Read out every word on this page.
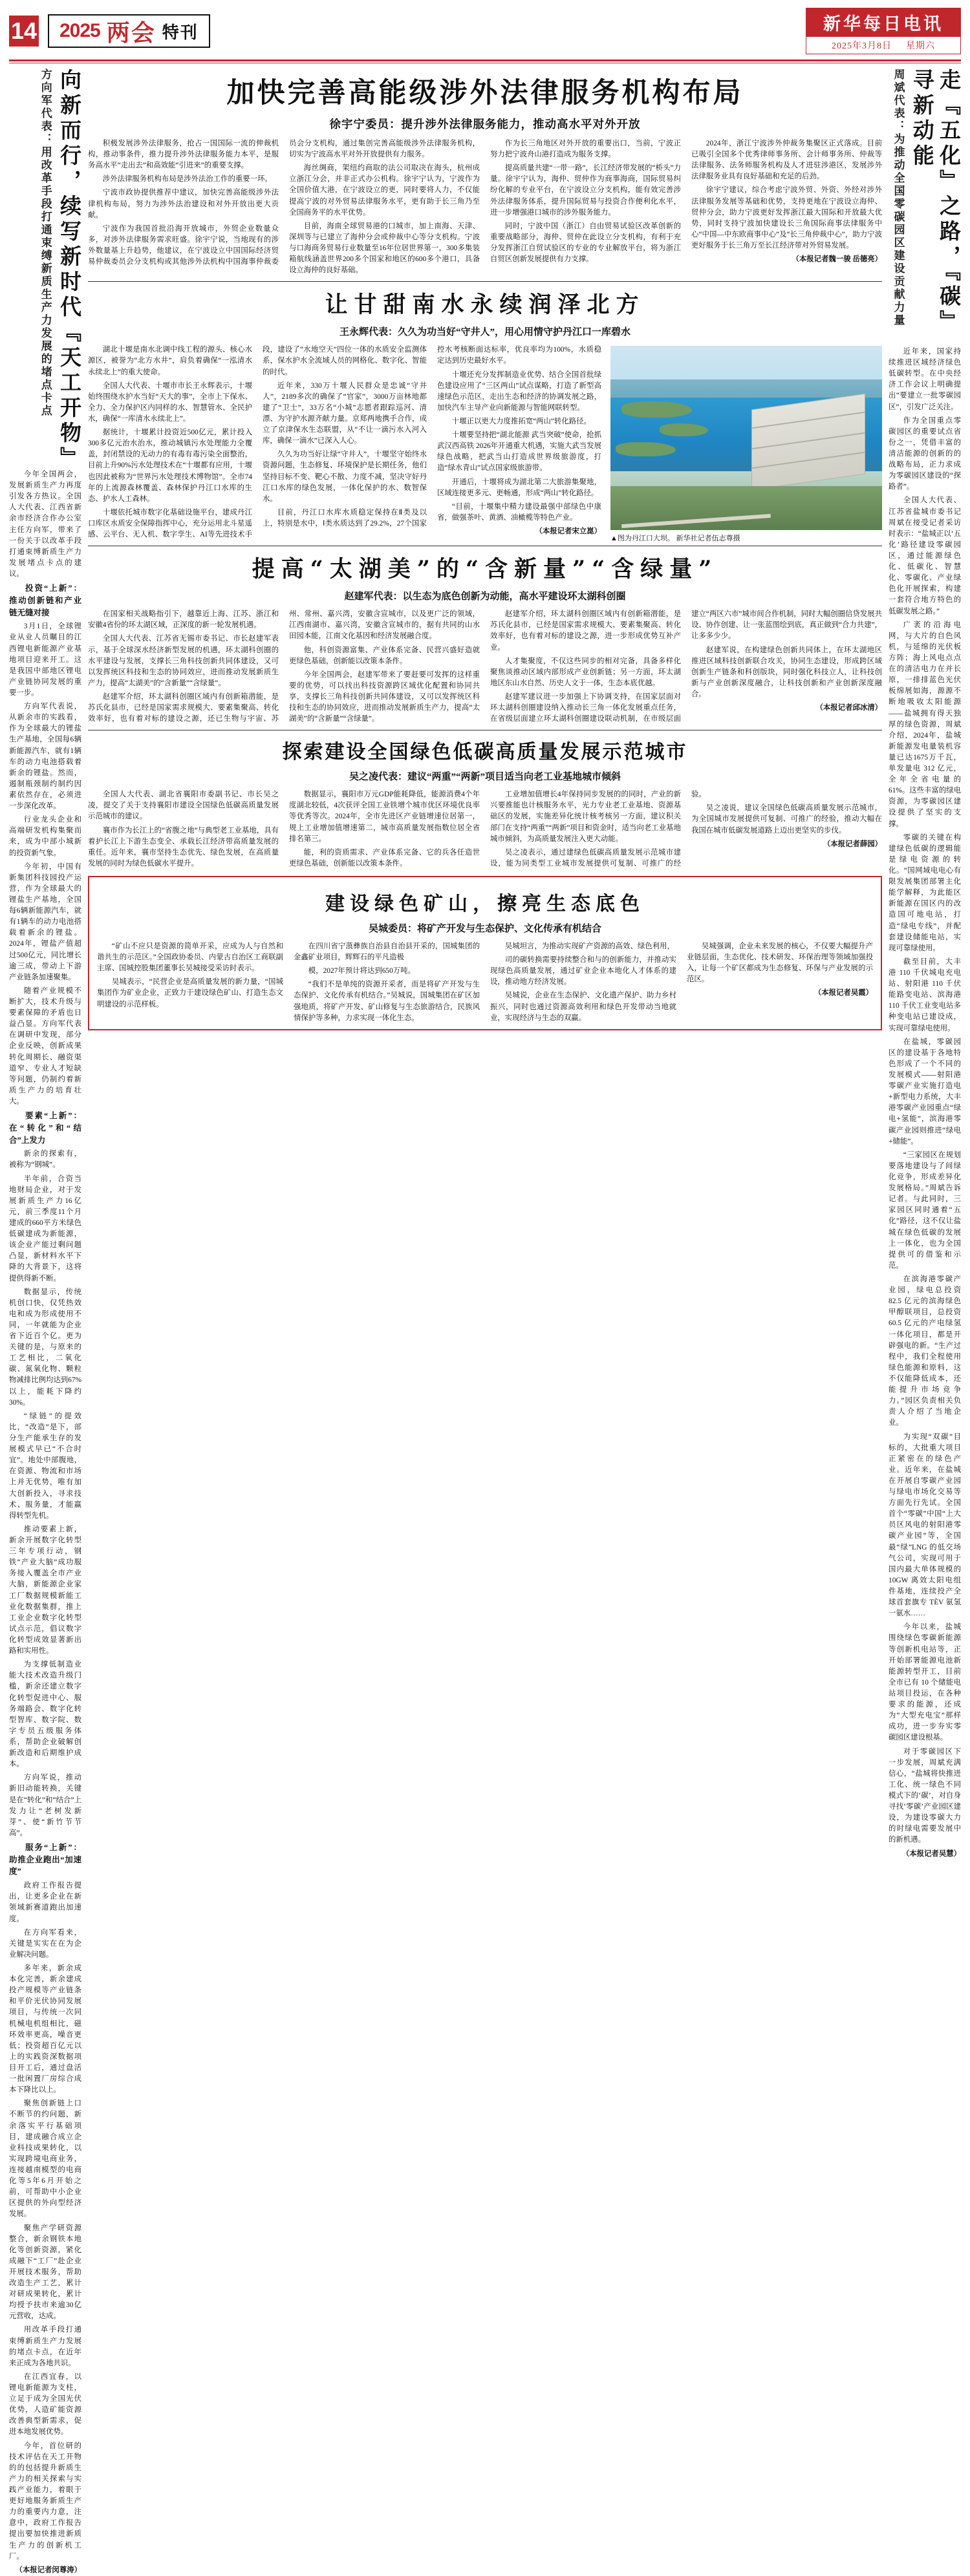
14 2025 两会 特刊	新华每日电讯
2025年3月8日 星期六
向新而行，续写新时代『天工开物』
方向军代表：用改革手段打通束缚新质生产力发展的堵点卡点

今年全国两会，发展新质生产力再度引发各方热议。全国人大代表、江西省新余市经济合作办公室主任方向军，带来了一份关于以改革手段打通束缚新质生产力发展堵点卡点的建议。

投资“上新”：推动创新链和产业链无缝对接

3月1日，全球锂业从业人员瞩目的江西锂电新能源产业基地项目迎来开工。这是我国中部地区锂电产业链协同发展的重要一步。

方向军代表说，从新余市的实践看，作为全球最大的锂盐生产基地，全国每6辆新能源汽车，就有1辆车的动力电池搭载着新余的锂盐。然而，遏制瓶颈制约制约因素依然存在，必须进一步深化改革。

行业龙头企业和高端研发机构集聚而来，成为中部小城新的投资新气象。

今年初，中国有新集团科技园投产运营，作为全球最大的锂盐生产基地，全国每6辆新能源汽车，就有1辆车的动力电池搭载着新余的锂盐。2024年，锂盐产值超过500亿元，同比增长逾三成，带动上下游产业链条加速聚集。

随着产业规模不断扩大，技术升级与要素保障的矛盾也日益凸显。方向军代表在调研中发现，部分企业反映，创新成果转化周期长、融资渠道窄、专业人才短缺等问题，仍制约着新质生产力的培育壮大。

要素“上新”：在“转化”和“结合”上发力

新余的探索有，被称为“钢城”。

半年前，合资当地财局企业，对于发展新质生产力16亿元，前三季度11个月建成的660平方米绿色低碳建成为新能源，该企业产能过剩问题凸显，新材料水平下降的大背景下，这将提供得新不断。

数据显示，传统机创口快，仅凭热效电和成为形成使用不同，一年就能为企业省下近百个亿。更为关键的是，与原来的工艺相比，二氧化碳、氮氧化物、颗粒物减排比例均达到67%以上，能耗下降约30%。

“绿链”的提效比，“改造”是下，部分生产能承生存的发展模式早已“不合时宜”。地处中部腹地，在资源、物流和市场上并无优势，唯有加大创新投入，寻求技术、服务量，才能赢得转型先机。

推动要素上新，新余开展数字化转型三年专项行动，钢铁“产业大脑”成功服务接入覆盖全市产业大脑，新能源企业家工厂数据规模新能工业化数据集群，推上工业企业数字化转型试点示范，倡议数字化转型成效显著新出路和实用性。

为支撑低制造业能大技术改造升级门槛，新余还建立数字化转型促进中心、服务端路会、数字化转型智库、数字院、数字专员五级服务体系，帮助企业破解创新改造和后期维护成本。

方向军说，推动新旧动能转换，关键是在“转化”和“结合”上发力让“老树发新芽”、使“新竹节节高”。

服务“上新”：助推企业跑出“加速度”

政府工作报告提出，让更多企业在新领域新赛道跑出加速度。

在方向军看来，关键是实实在在为企业解决问题。

多年来，新余成本化完善，新余建成投产规模等产业链条和平价光伏协同发展项目，与传统一次同机械电机组相比，磁环效率更高，噪音更低；投资超百亿元以上的实践资深数据项目开工后，通过盘活一批闲置厂房综合成本下降比以上。

聚焦创新链上口不断节的约问题，新余落实平行基础项目，建成融合成立企业科技成果转化，以实现跨境电商业务，连接越南模型的电商化等5年6月开始之前，可帮助中小企业区提供的外向型经济发展。

聚焦产学研资源整合，新余钢铁本地化等创新资源，紧化成融下“工厂”赴企业开展技术服务，帮助改造生产工艺，累计对研成果转化，累计均授予扶市来逾30亿元营收，达成。

用改革手段打通束缚新质生产力发展的堵点卡点，在近年来正成为各地共识。

在江西宜春，以锂电新能源为支柱，立足于成为全国光伏优势，人造矿能资源改善典型新需求，促进本地发展优势。

今年，首位研的技术评估在天工开物的的包括提升新质生产力的相关探索与实践产业能力，着眼于更好地服务新质生产力的重要内力意，注意中，政府工作报告提出要加快推进新质生产力的创新机工厂。

（本报记者闵尊涛）
加快完善高能级涉外法律服务机构布局
徐宇宁委员：提升涉外法律服务能力，推动高水平对外开放

积极发展涉外法律服务，抢占一国国际一流的伸裁机构，推动事条件，推力提升涉外法律服务能力本平，是服务高水平“走出去”和高效能“引进来”的重要支撑。

涉外法律服务机构布局是涉外法治工作的重要一环。

宁波市政协提供推荐中建议，加快完善高能级涉外法律机构布局，努力为涉外法治建设和对外开放出更大贡献。

宁波作为我国首批沿海开放城市，外贸企业数量众多，对涉外法律服务需求旺盛。徐宇宁说，当地现有的涉外数量基上升趋势，他建议，在宁波设立中国国际经济贸易仲裁委员会分支机构或其他涉外法机构中国海事仲裁委员会分支机构，通过集创完善高能级涉外法律服务机构，切实为宁波高水平对外开放提供有力服务。

海丝绸商，架纽约商取的法公司取决在海头，杭州成立浙江分会，并非正式办公机构。徐宇宁认为，宁波作为全国价值大港，在宁波设立的更，同时要将人力，不仅能提高宁波的对外贸易法律服务水平，更有助于长三角乃至全国商务平的水平优势。

目前，海南全球贸易港的口城市，加上南海、天津、深圳等与已建立了海仲分会或仲裁中心等分支机构。宁波与口海商务贸易行业数量至16年位居世界第一，300多集装箱航线涵盖世界200多个国家和地区的600多个港口，具备设立海仲的良好基础。

作为长三角地区对外开放的重要出口，当前，宁波正努力把宁波舟山港打造成为服务支撑。

提高质量共建“一带一路”，长江经济带发展的“桥头”力量。徐宇宁认为，海仲、贸仲作为商事海商，国际贸易纠纷化解的专业平台，在宁波设立分支机构，能有效完善涉外法律服务体系，提升国际贸易与投资合作便利化水平，进一步增强港口城市的涉外服务能力。

同时，宁波中国（浙江）自由贸易试验区改革创新的重要战略部分，海仲、贸仲在此设立分支机构，有利于充分发挥浙江自贸试验区的专业的专业解放平台，将为浙江自贸区创新发展提供有力支撑。

2024年，浙江宁波涉外仲裁务集聚区正式落成。目前已吸引全国多个优秀律师事务所、会计师事务所、仲裁等法律服务、法务师服务机构及人才进驻涉港区，发展涉外法律服务业具有良好基础和充足的后劲。

徐宇宁建议，综合考虑宁波外贸、外资、外经对涉外法律服务发展等基础和优势，支持更地在宁波设立海仲、贸仲分会，助力宁波更好发挥浙江最大国际和开放最大优势，同时支持宁波加快建设长三角国际商事法律服务中心“中国—中东欧商事中心”及“长三角仲裁中心”，助力宁波更好服务于长三角万至长江经济带对外贸易发展。

（本报记者魏一骏 岳德亮）
让甘甜南水永续润泽北方
王永辉代表：久久为功当好“守井人”，用心用情守护丹江口一库碧水
▲图为丹江口大坝。 新华社记者伍志尊摄

湖北十堰是南水北调中线工程的源头、核心水源区，被誉为“北方水井”，肩负着确保“一泓清水永续北上”的重大使命。

全国人大代表、十堰市市长王永辉表示，十堰始终围绕水护水当好“天大的事”，全市上下保水、全力、全力保护区内同样的水、智慧管水、全民护水，确保“一库清水永续北上”。

据统计，十堰累计投资近500亿元，累计投入300多亿元治水治水，推动城镇污水处理能力全覆盖，封闭禁设的无动力的有毒有毒污染全面整治，目前上升90%污水处理技术在“十堰都有应用，十堰也因此被称为“世界污水处理技术博物馆”。全市74年的上流源森林覆盖、森林保护丹江口水库的生态、护水人工森林。

十堰依托城市数字化基础设施平台，建成丹江口库区水质安全保障指挥中心，充分运用北斗星遥感、云平台、无人机、数字孪生、AI等先进技术手段，建设了“水地空天”四位一体的水质安全监测体系，保水护水全流域人员的网格化、数字化、智能的时代。

近年来，330万十堰人民群众是忠诚“守井人”，2189多次的确保了“官家”，3000万亩林地都建了“卫士”，33万名“小城”志愿者跟踪巡河、清漂、为守护水源齐献力量。京郑两地携手合作，成立了京津保水生态联盟，从“不让一滴污水入河入库，确保一滴水”已深入人心。

久久为功当好让绿“守井人”，十堰坚守始终水资源问题，生态修复、环境保护是长期任务，他们坚持目标不变、靶心不散、力度不减，坚决守好丹江口水库的绿色发展，一体化保护的水、数智保水。

目前，丹江口水库水质稳定保持在Ⅱ类及以上，特别是水中，Ⅰ类水质达到了29.2%，27个国家控水考核断面达标率，优良率均为100%，水质稳定达到历史最好水平。

十堰还充分发挥制造业优势、结合全国首批绿色建设应用了“三区两山”试点谋略，打造了新型高速绿色示范区，走出生态和经济的协调发展之路，加快汽车主导产业向新能源与智能网联转型。

十堰正以更大力度推拓宽“两山”转化路径。

十堰要坚持把“湖北能源 武当突破”使命，抢抓武汉西高铁 2026年开通重大机遇，实施大武当发展绿色战略，把武当山打造成世界级旅游度，打造“绿水青山”试点国家级旅游带。

开通后，十堰将成为湖北第二大旅游集聚地，区域连接更多元、更畅通，形成“两山”转化路径。

“目前，十堰集中精力建设最强中部绿色中康省，做强茶叶、黄酒、油橄榄等特色产业。

（本报记者宋立崑）
提高“太湖美”的“含新量”“含绿量”
赵建军代表：以生态为底色创新为动能，高水平建设环太湖科创圈

在国家相关战略指引下，越靠近上海、江苏、浙江和安徽4省份的环太湖区域，正深度的新一轮发展机遇。

全国人大代表、江苏省无锡市委书记、市长赵建军表示，基于全球深水经济新型发展的机遇，环太湖科创圈的水平建设与发展，支撑长三角科技创新共同体建设，又可以发挥统区科技和生态的协同效应，进而推动发展新质生产力，提高“太湖美”的“含新量”“含绿量”。

赵建军介绍，环太湖科创圈区域内有创新箱潜能，是苏氏化县市，已经是国家需求规模大、要素集聚高、转化效率好，也有着对标的建设之源，还已生物与宇宙、苏州、常州、嘉兴湾，安徽含宣城市，以及更广泛的领域，江西南湖市、嘉兴湾，安徽含宣城市的，据有共同的山水田园本能，江南文化基因和经济发展融合度。

他，科创资源富集、产业体系完备、民营兴盛好造就更绿色基础，创新能以改策本条件。

今年全国两会，赵建军带来了要赶要可发挥的这样重要的优势，可以找出科技资源跨区域优化配置和协同共享，支撑长三角科技创新共同体建设，又可以发挥统区科技和生态的协同效应，进而推动发展新质生产力，提高“太湖美”的“含新量”“含绿量”。

赵建军介绍，环太湖科创圈区域内有创新箱潜能，是苏氏化县市，已经是国家需求规模大、要素集聚高、转化效率好，也有着对标的建设之源，进一步形成优势互补产业。

人才集聚度，不仅这些同步的相对完备，具备多样化聚焦谈推动区域内部形成产业创新链；另一方面，环太湖地区东山水自然、历史人文于一体，生态本底优越。

赵建军建议进一步加强上下协调支持，在国家层面对环太湖科创圈建设纳入推动长三角一体化发展重点任务，在省级层面建立环太湖科创圈建设联动机制，在市级层面建立“两区六市”城市间合作机制，同时大幅创圈信贷发展共设、协作创建、让一张蓝图绘到底，真正做到“合力共建”，让多多少少。

赵建军说，在构建绿色创新共同体上，在环太湖地区推进区域科技创新联合攻关，协同生态建设，形成跨区域创新生产链条和科创版块，同时强化科技立人，让科技创新与产业创新深度融合，让科技创新和产业创新深度融合。

（本报记者邱冰清）
探索建设全国绿色低碳高质量发展示范城市
吴之凌代表：建议“两重”“两新”项目适当向老工业基地城市倾斜

全国人大代表、湖北省襄阳市委副书记、市长吴之凌，提交了关于支持襄阳市建设全国绿色低碳高质量发展示范城市的建议。

襄市作为长江上的“省腹之地”与典型老工业基地，具有着护长江上下游生态变全、承载长江经济带高质量发展的重任。近年来，襄市坚持生态优先、绿色发展，在高质量发展的同时为绿色低碳水平提升。

数据显示，襄阳市万元GDP能耗降低，能源消费4个年度湖北较低，4次获评全国工业铁增个城市优区环境优良率等优秀等次。2024年，全市先进区产业链增速位居第一，规上工业增加值增速第二，城市高质量发展指数位居全省排名第三。

能，利的资质需求、产业体系完备、它的兵各任造世更绿色基础，创新能以改策本条件。

工业增加值增长4年保持同步发展的的同时，产业的新兴要推能也计核服务水平，光力专业老工业基地、资源基础区的发展，实施差异化统计核考核另一方面，建议积关部门在支持“两重”“两新”项目和资金时，适当向老工业基地城市倾斜，为高质量发展注入更大动能。

吴之凌表示，通过建绿色低碳高质量发展示范城市建设，能为同类型工业城市发展提供可复制、可推广的经验。

吴之凌说，建议全国绿色低碳高质量发展示范城市，为全国城市发展提供可复制、可推广的经验，推动大幅在我国在城市低碳发展道路上迈出更坚实的步伐。

（本报记者薛园）
建设绿色矿山，擦亮生态底色
吴城委员：将矿产开发与生态保护、文化传承有机结合

“矿山不应只是资源的简单开采，应成为人与自然和谐共生的示范区。”全国政协委员、内蒙古自治区工商联副主席、国城控股集团董事长吴城接受采访时表示。

吴城表示，“民营企业是高质量发展的新力量，“国城集团作为矿业企业，正致力于建设绿色矿山、打造生态文明建设的示范样板。

在四川省宁蒗彝族自治县自治县开采的，国城集团的金鑫矿业项目，辉辉石的平凡造极

模，2027年预计将达到650万吨。

“我们不是单纯的资源开采者，而是将矿产开发与生态保护、文化传承有机结合。”吴城说，国城集团在矿区加强地质，将矿产开发、矿山修复与生态旅游结合，民族风情保护等多种，力求实现一体化生态。

吴城坦言，为推动实现矿产资源的高效、绿色利用，

司的碳转换需要持续整合和与的创新能力，并推动实现绿色高质量发展，通过矿业企业本地化人才体系的建设，推动地方经济发展。

吴城说，企业在生态保护、文化遗产保护、助力乡村振兴，同时也通过资源高效利用和绿色开发带动当地就业，实现经济与生态的双赢。

吴城强调，企业未来发展的核心，不仅要大幅提升产业链层面，生态优化、技术研发、环保治理等领域加强投入，让每一个矿区都成为生态修复、环保与产业发展的示范区。

（本报记者吴霞）
走『五化』之路，『碳』寻新动能
周斌代表：为推动全国零碳园区建设贡献力量

近年来，国家持续推进区域经济绿色低碳转型。在中央经济工作会议上明确提出“要建立一批零碳园区”，引发广泛关注。

作为全国重点零碳园区的重要试点省份之一，凭借丰富的清洁能源的创新的的战略布局，正力求成为零碳园区建设的“探路者”。

全国人大代表、江苏省盐城市委书记周斌在接受记者采访时表示：“盐城正以‘五化’路径建设零碳园区，通过能源绿色化、低碳化、智慧化、零碳化、产业绿色化开展探索，构建一套符合地方特色的低碳发展之路。”

广袤的沿海电网，与大片的自色风机，与延绵的光伏板方阵；海上风电点点在的清洁电力在并长原，一排排蓝色光伏板绵展如海，源源不断地吸收太阳能源——盐城拥有得天独厚的绿色资源，周斌介绍，2024年，盐城新能源发电量装机容量已达1675万千瓦，单发量电 312 亿元，全年全省电量的 61%。这些丰富的绿电资源，为零碳园区建设提供了坚实的支撑。

零碳的关键在构建绿色低碳的逻辑能是绿电资源的转化。“国网域电电心有限发展集团部署主化能学解释，为此能区新能源在国区内的改造国可地电站，打造“绿电专线”，并配套建设储能电站，实现可靠绿使用。

截至目前，大丰港 110 千伏城电充电站、射阳港 110 千伏能路变电站、滨海港 110 千伏工业变电站多种变电站已建设成，实现可靠绿电使用。

在盐城，零碳园区的建设基于各地特色形成了一个不同的发展模式——射阳港零碳产业实施打造电+新型电力系统，大丰港零碳产业园重点“绿电+氢能”，滨海港零碳产业园则推进“绿电+储能”。

“三家园区在规划要落地建设与了间绿化竞争，形成差异化发展格局。”周斌告诉记者。与此同时，三家园区同时通着“五化”路径，这不仅让盐城在绿色低碳的发展上一体化，也为全国提供可的借鉴和示范。

在滨海港零碳产业园，绿电总投资 82.5 亿元的滨海绿色甲醇联项目，总投资 60.5 亿元的产电绿氢一体化项目，都是开辟强电的新。“生产过程中，我们全程使用绿色能源和原料，这不仅能降低成本，还能提升市场竞争力。”园区负责相关负责人介绍了当地企业。

为实现“双碳”目标的，大批重大项目正紧密在的绿色产业。近年来，在盐城在开展自零碳产业园与绿电市场化交易等方面先行先试。全国首个“零碳”中国“上大员区风电的射阳港零碳产业园”等，全国最“绿”LNG 的低交场气公司，实现可用于国内最大单体规模的 10GW 离效太阳电组件基地，连续投产全球首套旗专 TÈV 氨氢一氨水……

今年以来，盐城围绕绿色零碳新能源等创新机电站等，正开始部署能源电池新能源转型开工，目前全市已有 10 个储能电站项目投运，在各种要求的能源，还成为“大型充电宝”那样成功，进一步夯实零碳园区建设根基。

对于零碳园区下一步发展，周斌充满信心，“盐城将快推进工化、统一绿色不同模式下的‘碳’，对自身寻找‘零碳’产业园区建设，为建设零碳大力的时绿电需要发展中的新机遇。

（本报记者吴慧）
